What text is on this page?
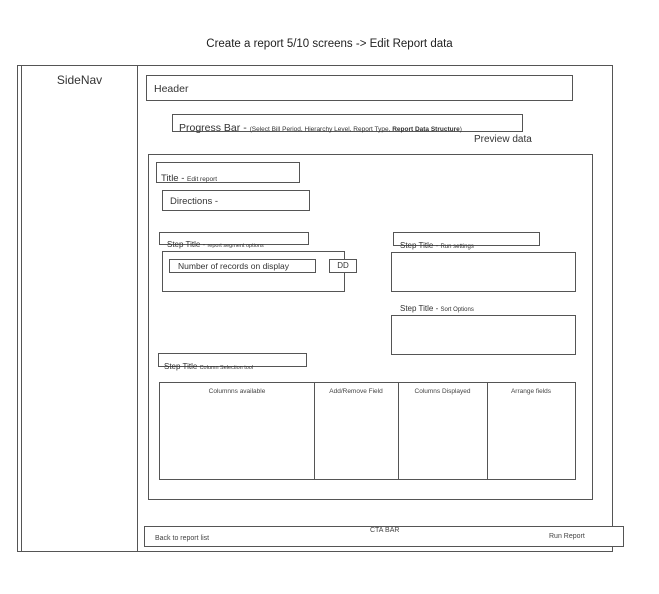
Create a report 5/10 screens -> Edit Report data
SideNav
Header
Progress Bar - (Select Bill Period, Hierarchy Level, Report Type, Report Data Structure)
Preview data
Title - Edit report
Directions -
Step Title - report segment options
Number of records on display	DD
Step Title - Run settings
Step Title - Sort Options
Step Title Column Selection tool
Columnns available	Add/Remove Field	Columns Displayed	Arrange fields
CTA BAR
Back to report list	Run Report
